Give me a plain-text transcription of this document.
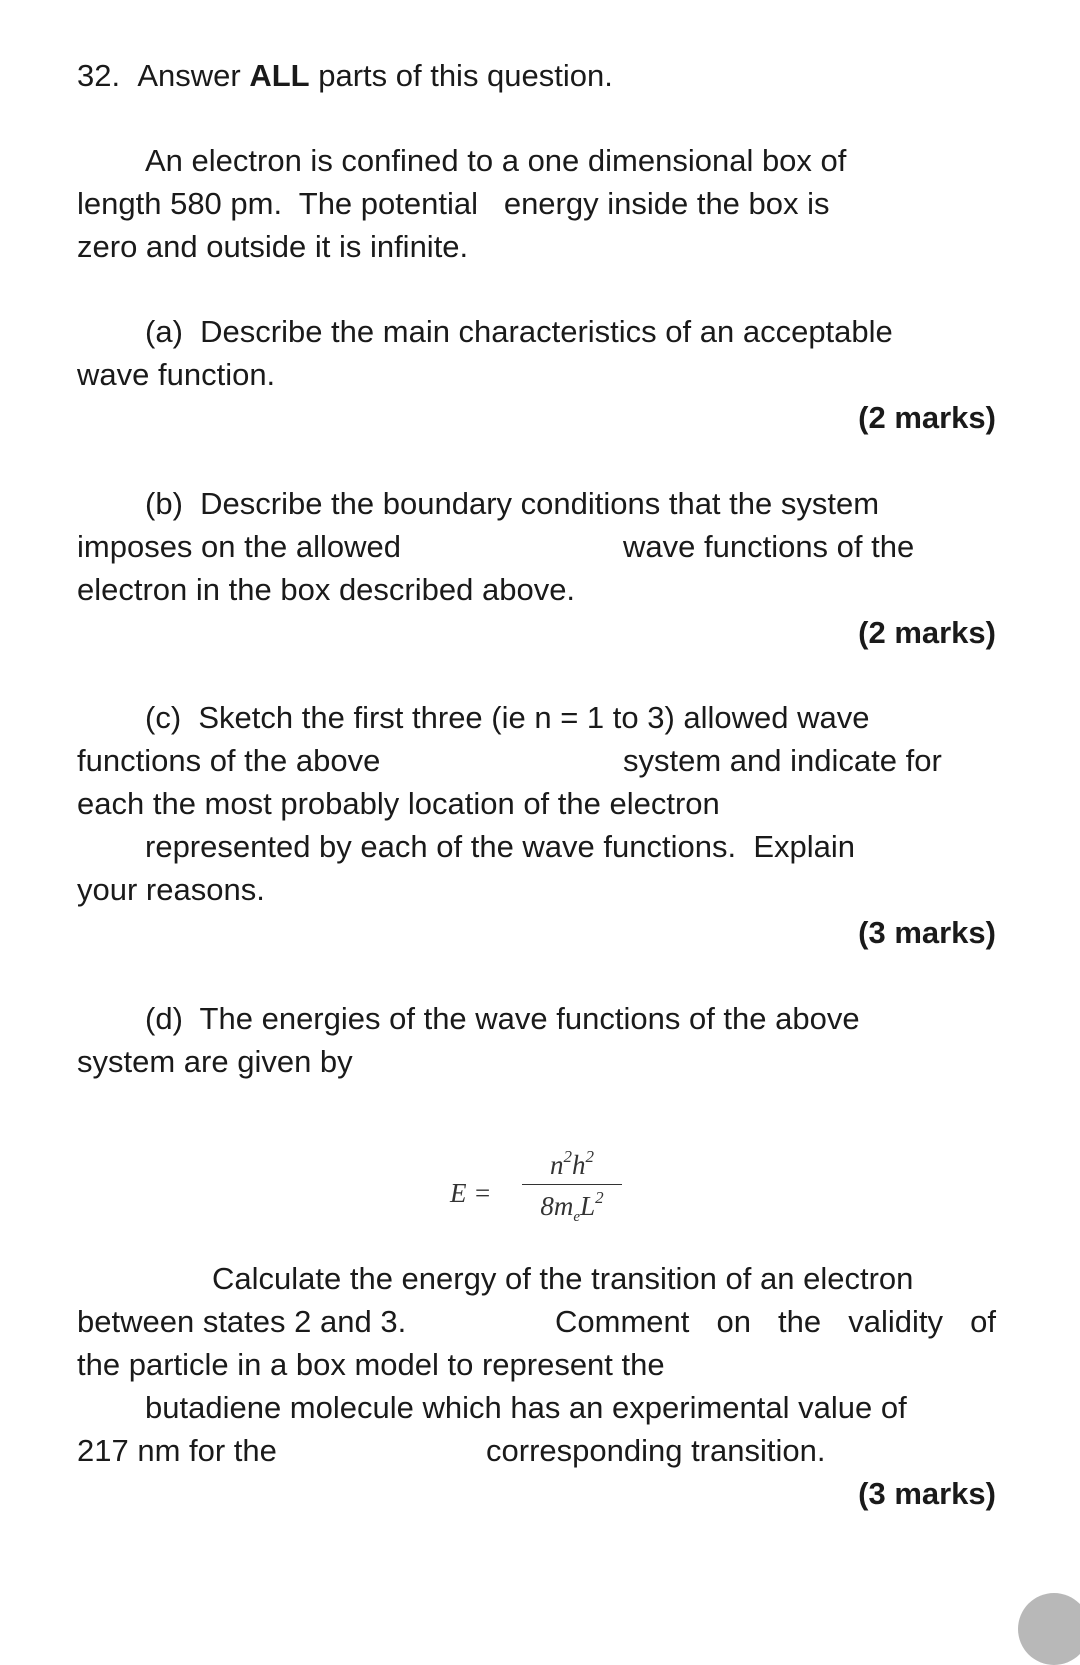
32. Answer ALL parts of this question.

An electron is confined to a one dimensional box of

length 580 pm.  The potential   energy inside the box is

zero and outside it is infinite.

(a)  Describe the main characteristics of an acceptable

wave function.

(2 marks)

(b)  Describe the boundary conditions that the system

imposes on the allowed	wave functions of the

electron in the box described above.

(2 marks)

(c)  Sketch the first three (ie n = 1 to 3) allowed wave

functions of the above	system and indicate for

each the most probably location of the electron

represented by each of the wave functions.  Explain

your reasons.

(3 marks)

(d)  The energies of the wave functions of the above

system are given by

E =
$n^2h^2$
$8m_eL^2$

Calculate the energy of the transition of an electron

between states 2 and 3.	Comment on the validity of

the particle in a box model to represent the

butadiene molecule which has an experimental value of

217 nm for the	corresponding transition.

(3 marks)
